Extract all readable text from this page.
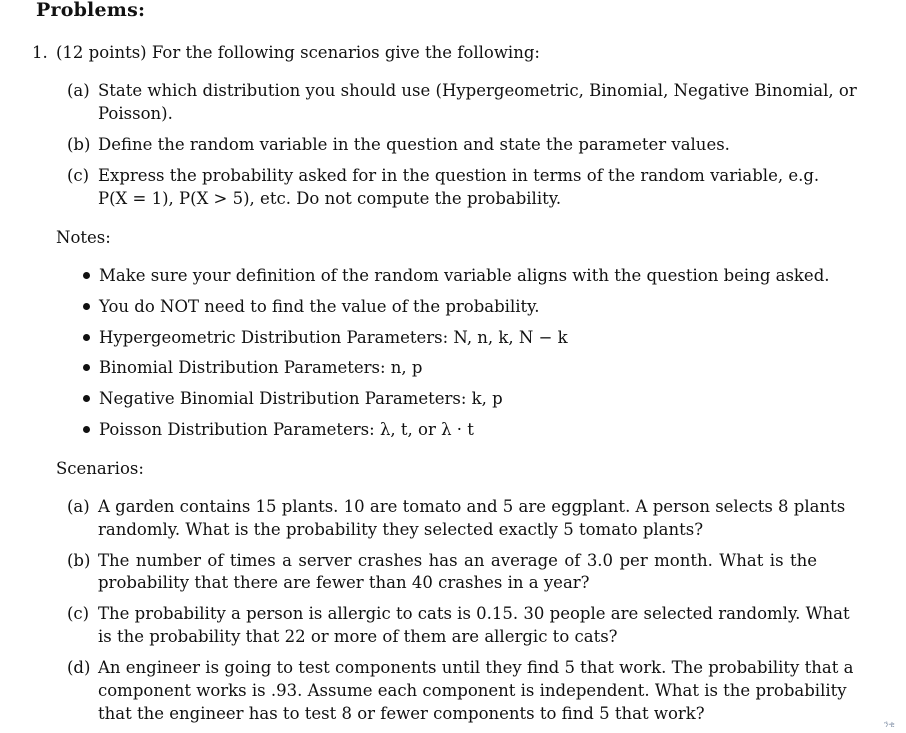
Problems:
1. (12 points) For the following scenarios give the following:
(a) State which distribution you should use (Hypergeometric, Binomial, Negative Binomial, or
Poisson).
(b) Define the random variable in the question and state the parameter values.
(c) Express the probability asked for in the question in terms of the random variable, e.g.
P(X = 1), P(X > 5), etc. Do not compute the probability.
Notes:
Make sure your definition of the random variable aligns with the question being asked.
You do NOT need to find the value of the probability.
Hypergeometric Distribution Parameters: N, n, k, N − k
Binomial Distribution Parameters: n, p
Negative Binomial Distribution Parameters: k, p
Poisson Distribution Parameters: λ, t, or λ · t
Scenarios:
(a) A garden contains 15 plants. 10 are tomato and 5 are eggplant. A person selects 8 plants
randomly. What is the probability they selected exactly 5 tomato plants?
(b) The number of times a server crashes has an average of 3.0 per month. What is the
probability that there are fewer than 40 crashes in a year?
(c) The probability a person is allergic to cats is 0.15. 30 people are selected randomly. What
is the probability that 22 or more of them are allergic to cats?
(d) An engineer is going to test components until they find 5 that work. The probability that a
component works is .93. Assume each component is independent. What is the probability
that the engineer has to test 8 or fewer components to find 5 that work?
ንቂ
